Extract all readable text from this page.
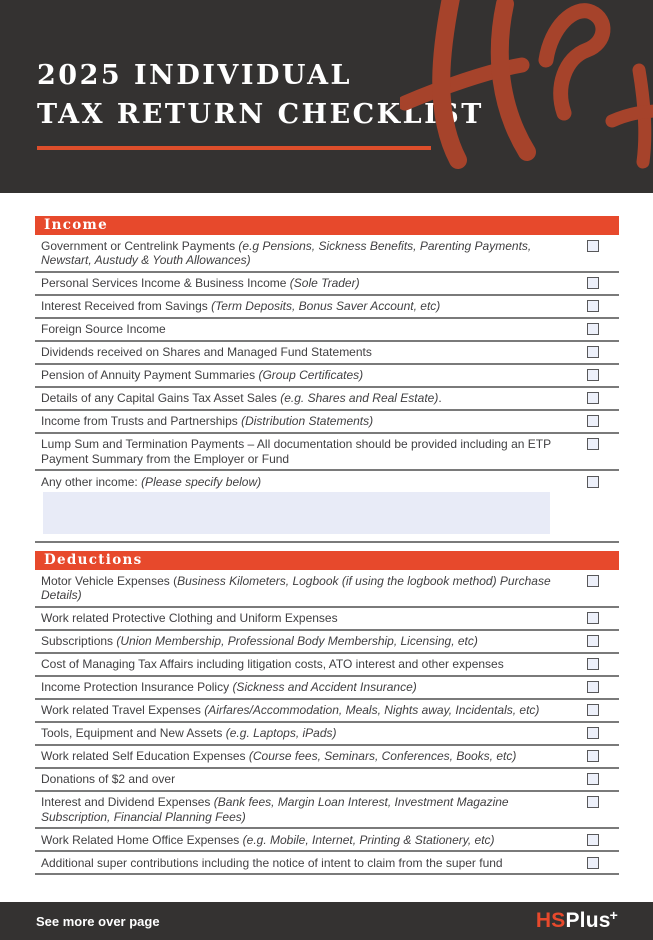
2025 INDIVIDUAL
TAX RETURN CHECKLIST
Income
Government or Centrelink Payments (e.g Pensions, Sickness Benefits, Parenting Payments, Newstart, Austudy & Youth Allowances)
Personal Services Income & Business Income (Sole Trader)
Interest Received from Savings (Term Deposits, Bonus Saver Account, etc)
Foreign Source Income
Dividends received on Shares and Managed Fund Statements
Pension of Annuity Payment Summaries (Group Certificates)
Details of any Capital Gains Tax Asset Sales (e.g. Shares and Real Estate).
Income from Trusts and Partnerships (Distribution Statements)
Lump Sum and Termination Payments – All documentation should be provided including an ETP Payment Summary from the Employer or Fund
Any other income: (Please specify below)
Deductions
Motor Vehicle Expenses (Business Kilometers, Logbook (if using the logbook method) Purchase Details)
Work related Protective Clothing and Uniform Expenses
Subscriptions (Union Membership, Professional Body Membership, Licensing, etc)
Cost of Managing Tax Affairs including litigation costs, ATO interest and other expenses
Income Protection Insurance Policy (Sickness and Accident Insurance)
Work related Travel Expenses (Airfares/Accommodation, Meals, Nights away, Incidentals, etc)
Tools, Equipment and New Assets (e.g. Laptops, iPads)
Work related Self Education Expenses (Course fees, Seminars, Conferences, Books, etc)
Donations of $2 and over
Interest and Dividend Expenses (Bank fees, Margin Loan Interest, Investment Magazine Subscription, Financial Planning Fees)
Work Related Home Office Expenses (e.g. Mobile, Internet, Printing & Stationery, etc)
Additional super contributions including the notice of intent to claim from the super fund
See more over page	HSPlus+
